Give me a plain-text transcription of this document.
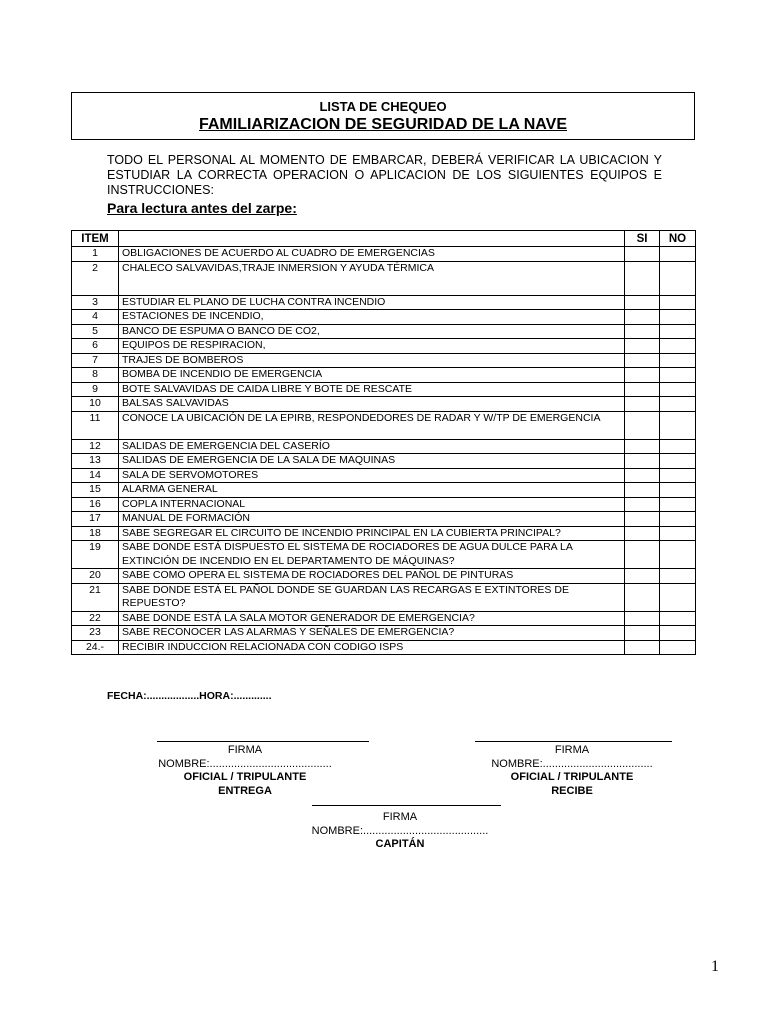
LISTA DE CHEQUEO
FAMILIARIZACION DE SEGURIDAD DE LA NAVE
TODO EL PERSONAL AL MOMENTO DE EMBARCAR, DEBERÁ VERIFICAR LA UBICACION Y ESTUDIAR LA CORRECTA OPERACION O APLICACION DE LOS SIGUIENTES EQUIPOS E INSTRUCCIONES:
Para lectura antes del zarpe:
ITEM		SI	NO
1	OBLIGACIONES DE ACUERDO AL CUADRO DE EMERGENCIAS		
2	CHALECO SALVAVIDAS,TRAJE INMERSION Y AYUDA TÉRMICA		
3	ESTUDIAR EL PLANO DE LUCHA CONTRA INCENDIO		
4	ESTACIONES DE INCENDIO,		
5	BANCO DE ESPUMA O BANCO DE CO2,		
6	EQUIPOS DE RESPIRACION,		
7	TRAJES DE BOMBEROS		
8	BOMBA DE INCENDIO DE EMERGENCIA		
9	BOTE SALVAVIDAS DE CAIDA LIBRE Y BOTE DE RESCATE		
10	BALSAS SALVAVIDAS		
11	CONOCE LA UBICACIÓN DE LA EPIRB, RESPONDEDORES DE RADAR Y W/TP DE EMERGENCIA		
12	SALIDAS DE EMERGENCIA DEL CASERÍO		
13	SALIDAS DE EMERGENCIA DE LA SALA DE MAQUINAS		
14	SALA DE SERVOMOTORES		
15	ALARMA GENERAL		
16	COPLA INTERNACIONAL		
17	MANUAL DE FORMACIÓN		
18	SABE SEGREGAR EL CIRCUITO DE INCENDIO PRINCIPAL EN LA CUBIERTA PRINCIPAL?		
19	SABE DONDE ESTÁ DISPUESTO EL SISTEMA DE ROCIADORES DE AGUA DULCE PARA LA EXTINCIÓN DE INCENDIO EN EL DEPARTAMENTO DE MÁQUINAS?		
20	SABE COMO OPERA EL SISTEMA DE ROCIADORES DEL PAÑOL DE PINTURAS		
21	SABE DONDE ESTÁ EL PAÑOL DONDE SE GUARDAN LAS RECARGAS E EXTINTORES DE REPUESTO?		
22	SABE DONDE ESTÁ LA SALA MOTOR GENERADOR DE EMERGENCIA?		
23	SABE RECONOCER LAS ALARMAS Y SEÑALES DE EMERGENCIA?		
24.-	RECIBIR INDUCCION RELACIONADA CON CODIGO ISPS		
FECHA:..................HORA:.............
FIRMA
NOMBRE:........................................
OFICIAL / TRIPULANTE
ENTREGA
FIRMA
NOMBRE:....................................
OFICIAL / TRIPULANTE
RECIBE
FIRMA
NOMBRE:.........................................
CAPITÁN
1
